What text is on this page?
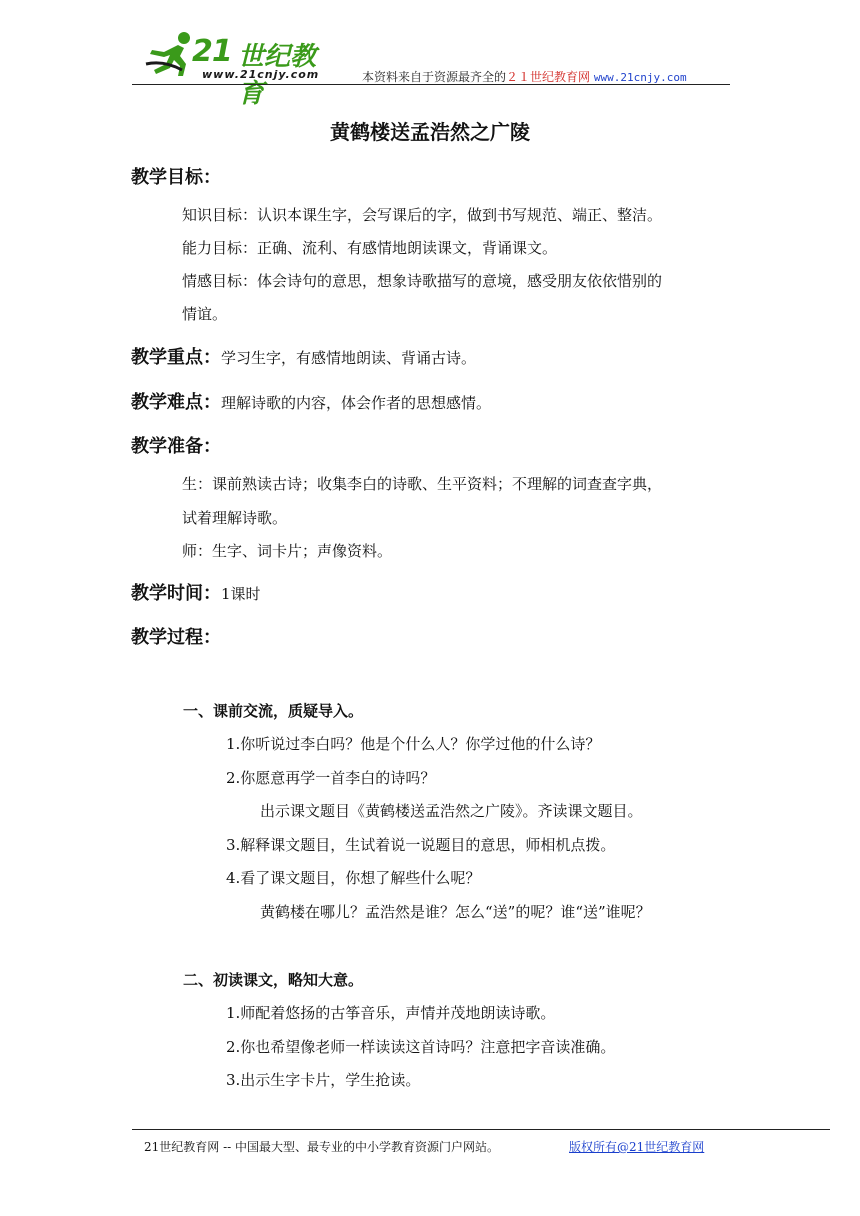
21 世纪教育
www.21cnjy.com	本资料来自于资源最齐全的２１世纪教育网 www.21cnjy.com
黄鹤楼送孟浩然之广陵
教学目标：
知识目标：认识本课生字，会写课后的字，做到书写规范、端正、整洁。
能力目标：正确、流利、有感情地朗读课文，背诵课文。
情感目标：体会诗句的意思，想象诗歌描写的意境，感受朋友依依惜别的
情谊。
教学重点：学习生字，有感情地朗读、背诵古诗。
教学难点：理解诗歌的内容，体会作者的思想感情。
教学准备：
生：课前熟读古诗；收集李白的诗歌、生平资料；不理解的词查查字典，
试着理解诗歌。
师：生字、词卡片；声像资料。
教学时间：1课时
教学过程：
一、课前交流，质疑导入。
1.你听说过李白吗？他是个什么人？你学过他的什么诗？
2.你愿意再学一首李白的诗吗？
出示课文题目《黄鹤楼送孟浩然之广陵》。齐读课文题目。
3.解释课文题目，生试着说一说题目的意思，师相机点拨。
4.看了课文题目，你想了解些什么呢？
黄鹤楼在哪儿？孟浩然是谁？怎么“送”的呢？谁“送”谁呢？
二、初读课文，略知大意。
1.师配着悠扬的古筝音乐，声情并茂地朗读诗歌。
2.你也希望像老师一样读读这首诗吗？注意把字音读准确。
3.出示生字卡片，学生抢读。
21世纪教育网 -- 中国最大型、最专业的中小学教育资源门户网站。	版权所有@21世纪教育网
